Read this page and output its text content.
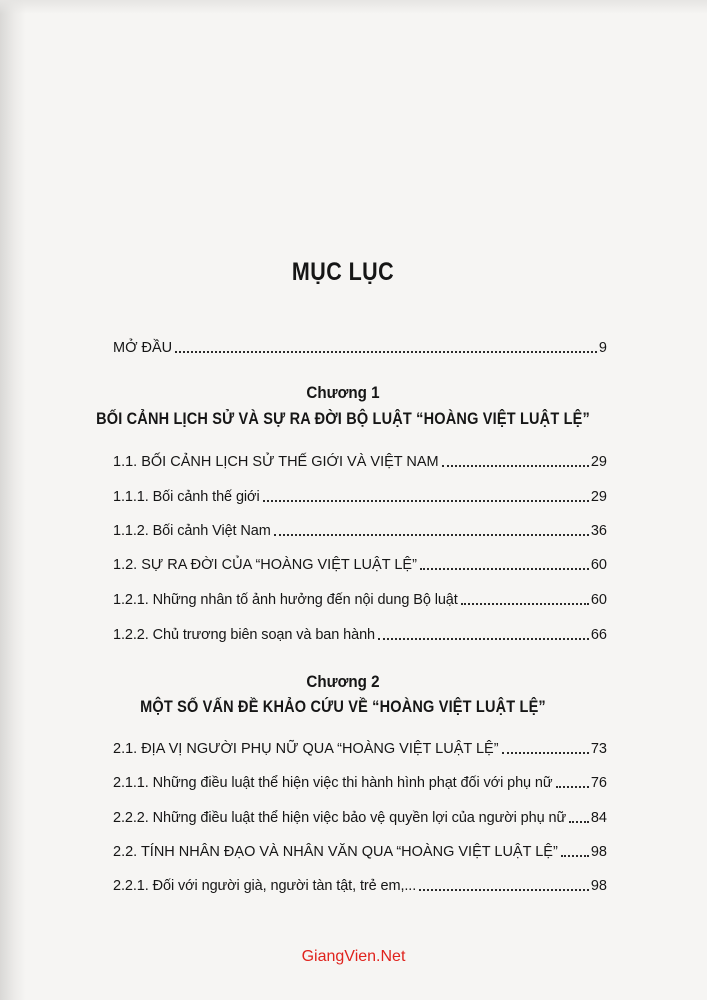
MỤC LỤC
MỞ ĐẦU	9
Chương 1
BỐI CẢNH LỊCH SỬ VÀ SỰ RA ĐỜI BỘ LUẬT “HOÀNG VIỆT LUẬT LỆ”
1.1. BỐI CẢNH LỊCH SỬ THẾ GIỚI VÀ VIỆT NAM	29
1.1.1. Bối cảnh thế giới	29
1.1.2. Bối cảnh Việt Nam	36
1.2. SỰ RA ĐỜI CỦA “HOÀNG VIỆT LUẬT LỆ”	60
1.2.1. Những nhân tố ảnh hưởng đến nội dung Bộ luật	60
1.2.2. Chủ trương biên soạn và ban hành	66
Chương 2
MỘT SỐ VẤN ĐỀ KHẢO CỨU VỀ “HOÀNG VIỆT LUẬT LỆ”
2.1. ĐỊA VỊ NGƯỜI PHỤ NỮ QUA “HOÀNG VIỆT LUẬT LỆ”	73
2.1.1. Những điều luật thể hiện việc thi hành hình phạt đối với phụ nữ	76
2.2.2. Những điều luật thể hiện việc bảo vệ quyền lợi của người phụ nữ 84
2.2. TÍNH NHÂN ĐẠO VÀ NHÂN VĂN QUA “HOÀNG VIỆT LUẬT LỆ” 98
2.2.1. Đối với người già, người tàn tật, trẻ em,...	98
GiangVien.Net
